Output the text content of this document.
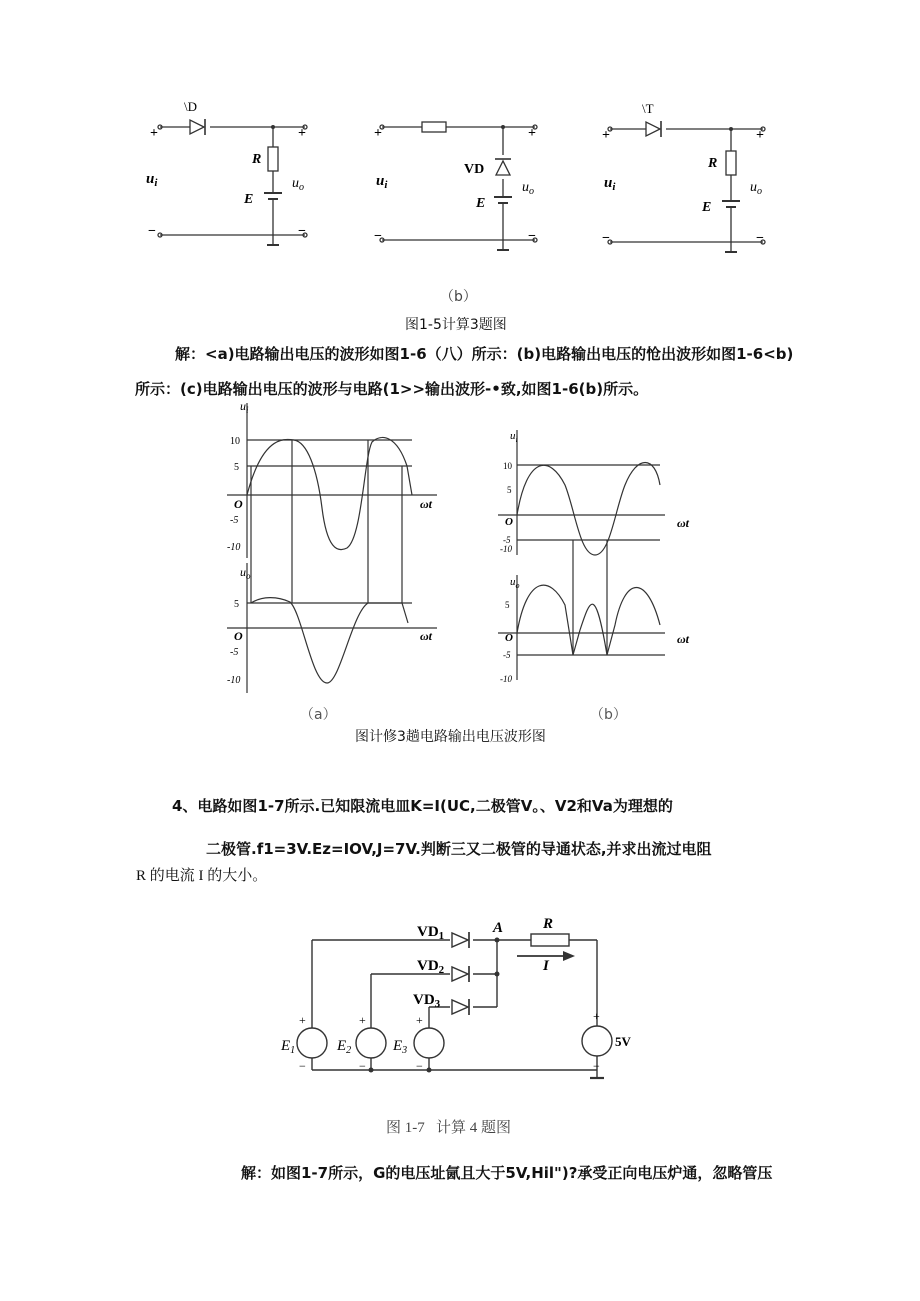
\D
+	+
−	−
$u_i$	$u_o$
R
E
VD
+	+
−	−
$u_i$	$u_o$
E
\T
+	+
−	−
$u_i$	$u_o$
R
E
（b）
图1-5计算3题图
解：<a)电路输出电压的波形如图1-6（八）所示：(b)电路输出电压的怆出波形如图1-6<b)
所示：(c)电路输出电压的波形与电路(1>>输出波形-•致,如图1-6(b)所示。
10
5
O
-5
-10
ωt
$u_i$
$u_o$
5
O
-5
-10
ωt
（a）
10
5
O
-5
-10
ωt
$u_i$
$u_o$
5
O
-5
-10
ωt
（b）
图计修3趟电路输出电压波形图
4、电路如图1-7所示.已知限流电皿K=I(UC,二极管V。、V2和Va为理想的
二极管.f1=3V.Ez=IOV,J=7V.判断三又二极管的导通状态,并求出流过电阻
R 的电流 I 的大小。
$VD_1$
$VD_2$
$VD_3$
A	R
I
5V
+
−
+
−
+
−
+
−
$E_1$	$E_2$	$E_3$
图 1-7   计算 4 题图
解：如图1-7所示，G的电压址氤且大于5V,Hil")?承受正向电压炉通，忽略管压
